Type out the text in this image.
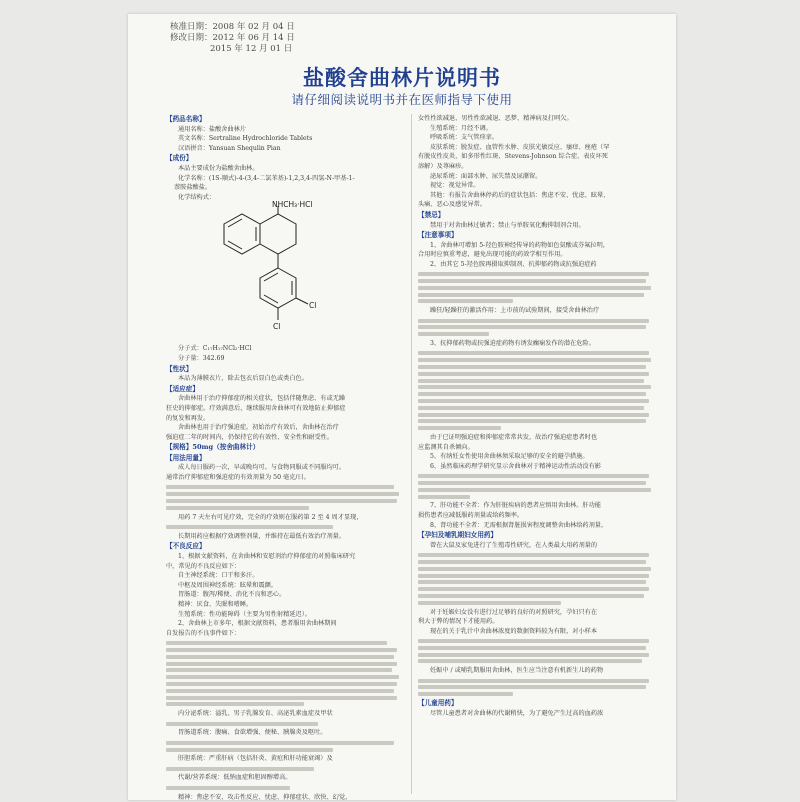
核准日期：2008 年 02 月 04 日
修改日期：2012 年 06 月 14 日
2015 年 12 月 01 日
盐酸舍曲林片说明书
请仔细阅读说明书并在医师指导下使用
【药品名称】
通用名称：盐酸舍曲林片
英文名称：Sertraline Hydrochloride Tablets
汉语拼音：Yansuan Shequlin Pian
【成份】
本品主要成份为盐酸舍曲林。
化学名称：(1S-顺式)-4-(3,4-二氯苯基)-1,2,3,4-四氢-N-甲基-1-
萘胺盐酸盐。
化学结构式：
NHCH₃·HCl
Cl
Cl
分子式：C₁₇H₁₇NCl₂·HCl
分子量：342.69
【性状】
本品为薄膜衣片，除去包衣后显白色或类白色。
【适应症】
舍曲林用于治疗抑郁症的相关症状，包括伴随焦虑、有或无躁
狂史的抑郁症。疗效满意后，继续服用舍曲林可有效地防止抑郁症
的复发和再发。
舍曲林也用于治疗强迫症。初始治疗有效后，舍曲林在治疗
强迫症二年的时间内，仍保持它的有效性、安全性和耐受性。
【规格】50mg（按舍曲林计）
【用法用量】
成人每日服药一次，早或晚均可。与食物同服或不同服均可。
通常治疗抑郁症和强迫症的有效剂量为 50 毫克/日。
用药 7 天左右可见疗效，完全的疗效则在服药第 2 至 4 周才显现，
长期用药应根据疗效调整剂量，并维持在最低有效治疗剂量。
【不良反应】
1、根据文献资料，在舍曲林和安慰剂治疗抑郁症的对照临床研究
中，常见的不良反应如下：
自主神经系统：口干和多汗。
中枢及周围神经系统：眩晕和震颤。
胃肠道：腹泻/稀便、消化不良和恶心。
精神：厌食、失眠和嗜睡。
生殖系统：性功能障碍（主要为男性射精延迟）。
2、舍曲林上市多年，根据文献资料，患者服用舍曲林期间
自发报告的不良事件如下：
内分泌系统：溢乳、男子乳腺发育、高泌乳素血症及甲状
胃肠道系统：腹痛、食欲增强、便秘、胰腺炎及呕吐。
肝胆系统：严重肝病（包括肝炎、黄疸和肝功能衰竭）及
代谢/营养系统：低钠血症和胆固醇增高。
精神：焦虑不安、攻击性反应、忧虑、抑郁症状、欣快、幻觉、
女性性欲减退、男性性欲减退、恶梦、精神病及打呵欠。
生殖系统：月经不调。
呼吸系统：支气管痉挛。
皮肤系统：脱发症、血管性水肿、皮肤光敏反应、瘙痒、痤疮（罕
有脱皮性皮炎，如多形性红斑、Stevens-Johnson 综合症、表皮坏死
溶解）及荨麻疹。
泌尿系统：面部水肿、尿失禁及尿潴留。
视觉：视觉异常。
其他：有报告舍曲林停药后的症状包括：焦虑不安、忧虑、眩晕、
头痛、恶心及感觉异常。
【禁忌】
禁用于对舍曲林过敏者；禁止与单胺氧化酶抑制剂合用。
【注意事项】
1、舍曲林可增加 5-羟色胺神经传导的药物如色氨酸或芬氟拉明，
合用时应慎重考虑，避免出现可能的药效学相互作用。
2、由其它 5-羟色胺再摄取抑制剂、抗抑郁药物或抗强迫症药
躁狂/轻躁狂的激活作用：上市前的试验期间，接受舍曲林治疗
3、抗抑郁药物或抗强迫症药物有诱发癫痫发作的潜在危险。
由于已证明强迫症和抑郁症常常共发，故治疗强迫症患者时也
应监测其自杀倾向。
5、有纳妊女性使用舍曲林须采取足够的安全的避孕措施。
6、虽然临床药理学研究显示舍曲林对于精神运动性活动没有影
7、肝功能不全者：作为肝脏疾病的患者应慎用舍曲林。肝功能
损伤患者应减低服药剂量或给药频率。
8、肾功能不全者：无需根据肾脏损害程度调整舍曲林给药剂量。
【孕妇及哺乳期妇女用药】
曾在大鼠及家兔进行了生殖毒性研究，在人类最大用药剂量的
对于妊娠妇女没有进行过足够的良好的对照研究，孕妇只有在
利大于弊的情况下才能用药。
现在的关于乳汁中舍曲林浓度的数据资料较为有限，对小样本
妊娠中 / 或哺乳期服用舍曲林，医生应当注意有机新生儿的药物
【儿童用药】
尽管儿童患者对舍曲林的代谢稍快，为了避免产生过高的血药浓
